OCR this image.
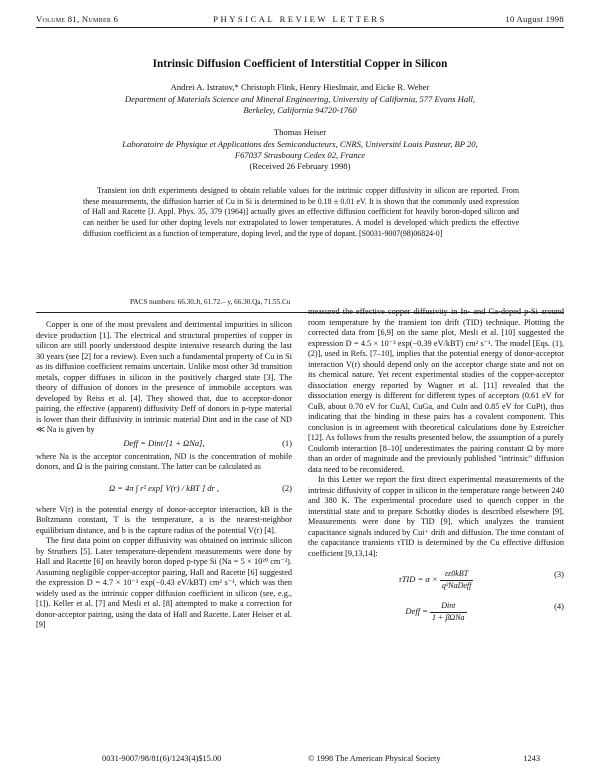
Volume 81, Number 6	PHYSICAL REVIEW LETTERS	10 August 1998
Intrinsic Diffusion Coefficient of Interstitial Copper in Silicon
Andrei A. Istratov,* Christoph Flink, Henry Hieslmair, and Eicke R. Weber
Department of Materials Science and Mineral Engineering, University of California, 577 Evans Hall,
Berkeley, California 94720-1760
Thomas Heiser
Laboratoire de Physique et Applications des Semiconducteurs, CNRS, Université Louis Pasteur, BP 20,
F67037 Strasbourg Cedex 02, France
(Received 26 February 1998)
Transient ion drift experiments designed to obtain reliable values for the intrinsic copper diffusivity in silicon are reported. From these measurements, the diffusion barrier of Cu in Si is determined to be 0.18 ± 0.01 eV. It is shown that the commonly used expression of Hall and Racette [J. Appl. Phys. 35, 379 (1964)] actually gives an effective diffusion coefficient for heavily boron-doped silicon and can neither be used for other doping levels nor extrapolated to lower temperatures. A model is developed which predicts the effective diffusion coefficient as a function of temperature, doping level, and the type of dopant. [S0031-9007(98)06824-0]
PACS numbers: 66.30.Jt, 61.72.– y, 66.30.Qa, 71.55.Cu

Copper is one of the most prevalent and detrimental impurities in silicon device production [1]. The electrical and structural properties of copper in silicon are still poorly understood despite intensive research during the last 30 years (see [2] for a review). Even such a fundamental property of Cu in Si as its diffusion coefficient remains uncertain. Unlike most other 3d transition metals, copper diffuses in silicon in the positively charged state [3]. The theory of diffusion of donors in the presence of immobile acceptors was developed by Reiss et al. [4]. They showed that, due to acceptor-donor pairing, the effective (apparent) diffusivity Deff of donors in p-type material is lower than their diffusivity in intrinsic material Dint and in the case of ND ≪ Na is given by

Deff = Dint/[1 + ΩNa],	(1)

where Na is the acceptor concentration, ND is the concentration of mobile donors, and Ω is the pairing constant. The latter can be calculated as

Ω = 4π ∫ r² exp[ V(r) / kBT ] dr ,	(2)

where V(r) is the potential energy of donor-acceptor interaction, kB is the Boltzmann constant, T is the temperature, a is the nearest-neighbor equilibrium distance, and b is the capture radius of the potential V(r) [4].

The first data point on copper diffusivity was obtained on intrinsic silicon by Struthers [5]. Later temperature-dependent measurements were done by Hall and Racette [6] on heavily boron doped p-type Si (Na = 5 × 10²⁰ cm⁻³). Assuming negligible copper-acceptor pairing, Hall and Racette [6] suggested the expression D = 4.7 × 10⁻³ exp(−0.43 eV/kBT) cm² s⁻¹, which was then widely used as the intrinsic copper diffusion coefficient in silicon (see, e.g., [1]). Keller et al. [7] and Mesli et al. [8] attempted to make a correction for donor-acceptor pairing, using the data of Hall and Racette. Later Heiser et al. [9]

measured the effective copper diffusivity in In- and Ga-doped p-Si around room temperature by the transient ion drift (TID) technique. Plotting the corrected data from [6,9] on the same plot, Mesli et al. [10] suggested the expression D = 4.5 × 10⁻³ exp(−0.39 eV/kBT) cm² s⁻¹. The model [Eqs. (1),(2)], used in Refs. [7–10], implies that the potential energy of donor-acceptor interaction V(r) should depend only on the acceptor charge state and not on its chemical nature. Yet recent experimental studies of the copper-acceptor dissociation energy reported by Wagner et al. [11] revealed that the dissociation energy is different for different types of acceptors (0.61 eV for CuB, about 0.70 eV for CuAl, CuGa, and CuIn and 0.85 eV for CuPt), thus indicating that the binding in these pairs has a covalent component. This conclusion is in agreement with theoretical calculations done by Estreicher [12]. As follows from the results presented below, the assumption of a purely Coulomb interaction [8–10] underestimates the pairing constant Ω by more than an order of magnitude and the previously published "intrinsic" diffusion data need to be reconsidered.

In this Letter we report the first direct experimental measurements of the intrinsic diffusivity of copper in silicon in the temperature range between 240 and 380 K. The experimental procedure used to quench copper in the interstitial state and to prepare Schottky diodes is described elsewhere [9]. Measurements were done by TID [9], which analyzes the transient capacitance signals induced by Cui⁺ drift and diffusion. The time constant of the capacitance transients τTID is determined by the Cu effective diffusion coefficient [9,13,14]:

$\tau TID = \alpha \times \frac{\text{εε0kBT}}{\text{q²NaDeff}}$	(3)
Deff = $\frac{\text{Dint}}{\text{1 + βΩNa}}$	(4)
0031-9007/98/81(6)/1243(4)$15.00	© 1998 The American Physical Society	1243
